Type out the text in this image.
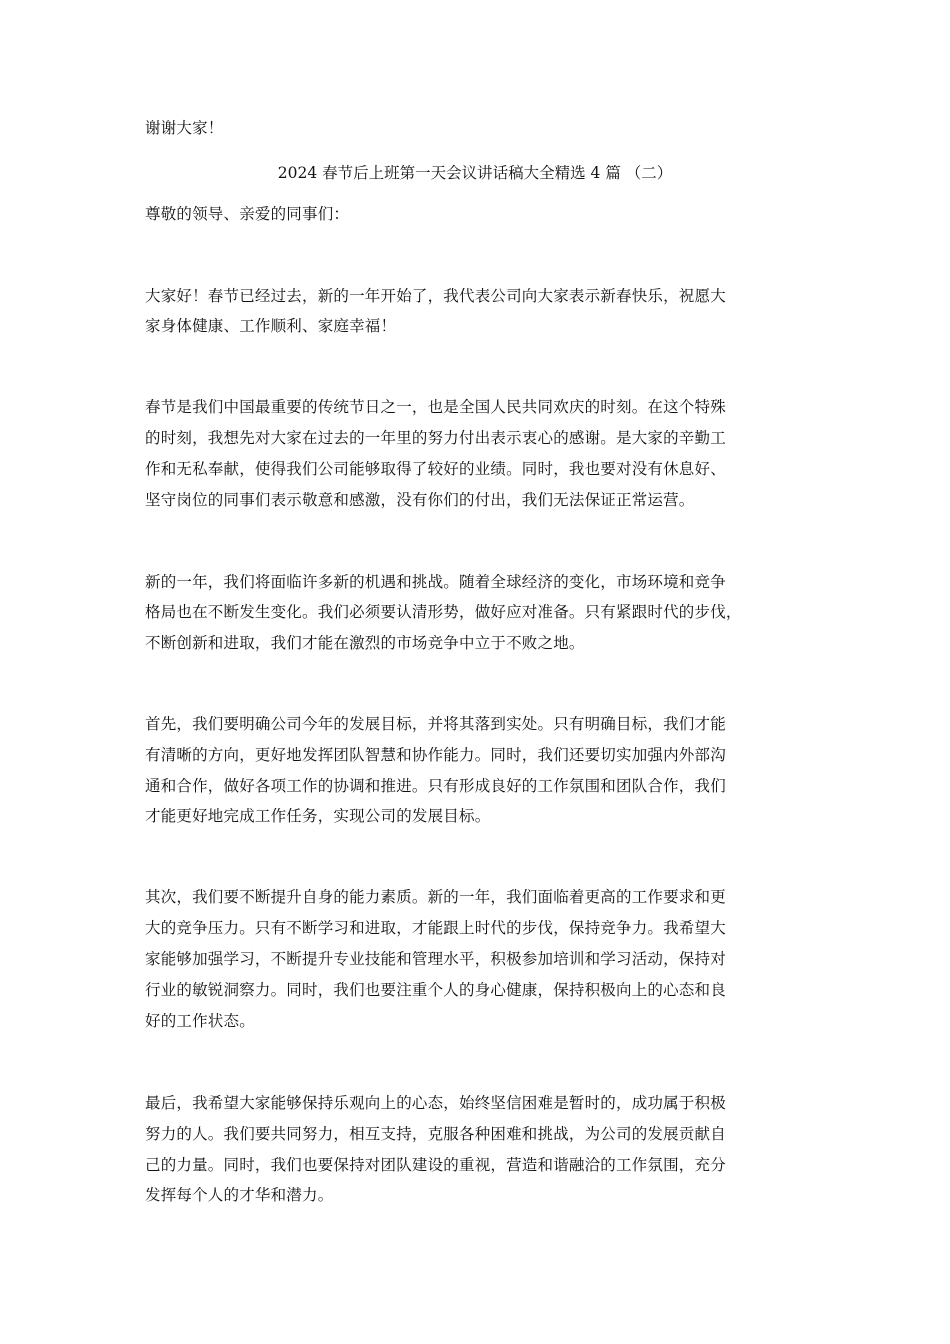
谢谢大家！
2024 春节后上班第一天会议讲话稿大全精选 4 篇 （二）
尊敬的领导、亲爱的同事们：
大家好！春节已经过去，新的一年开始了，我代表公司向大家表示新春快乐，祝愿大
家身体健康、工作顺利、家庭幸福！
春节是我们中国最重要的传统节日之一，也是全国人民共同欢庆的时刻。在这个特殊
的时刻，我想先对大家在过去的一年里的努力付出表示衷心的感谢。是大家的辛勤工
作和无私奉献，使得我们公司能够取得了较好的业绩。同时，我也要对没有休息好、
坚守岗位的同事们表示敬意和感激，没有你们的付出，我们无法保证正常运营。
新的一年，我们将面临许多新的机遇和挑战。随着全球经济的变化，市场环境和竞争
格局也在不断发生变化。我们必须要认清形势，做好应对准备。只有紧跟时代的步伐，
不断创新和进取，我们才能在激烈的市场竞争中立于不败之地。
首先，我们要明确公司今年的发展目标，并将其落到实处。只有明确目标，我们才能
有清晰的方向，更好地发挥团队智慧和协作能力。同时，我们还要切实加强内外部沟
通和合作，做好各项工作的协调和推进。只有形成良好的工作氛围和团队合作，我们
才能更好地完成工作任务，实现公司的发展目标。
其次，我们要不断提升自身的能力素质。新的一年，我们面临着更高的工作要求和更
大的竞争压力。只有不断学习和进取，才能跟上时代的步伐，保持竞争力。我希望大
家能够加强学习，不断提升专业技能和管理水平，积极参加培训和学习活动，保持对
行业的敏锐洞察力。同时，我们也要注重个人的身心健康，保持积极向上的心态和良
好的工作状态。
最后，我希望大家能够保持乐观向上的心态，始终坚信困难是暂时的，成功属于积极
努力的人。我们要共同努力，相互支持，克服各种困难和挑战，为公司的发展贡献自
己的力量。同时，我们也要保持对团队建设的重视，营造和谐融洽的工作氛围，充分
发挥每个人的才华和潜力。
